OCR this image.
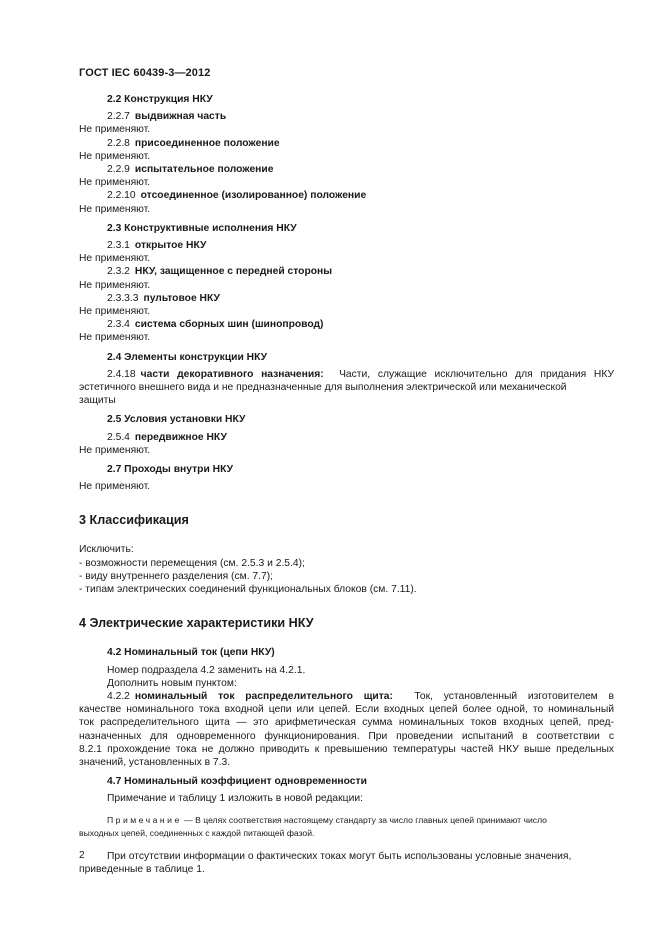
ГОСТ IEC 60439-3—2012
2.2 Конструкция НКУ
2.2.7 выдвижная часть
Не применяют.
2.2.8 присоединенное положение
Не применяют.
2.2.9 испытательное положение
Не применяют.
2.2.10 отсоединенное (изолированное) положение
Не применяют.
2.3 Конструктивные исполнения НКУ
2.3.1 открытое НКУ
Не применяют.
2.3.2 НКУ, защищенное с передней стороны
Не применяют.
2.3.3.3 пультовое НКУ
Не применяют.
2.3.4 система сборных шин (шинопровод)
Не применяют.
2.4 Элементы конструкции НКУ
2.4.18 части декоративного назначения: Части, служащие исключительно для придания НКУ
эстетичного внешнего вида и не предназначенные для выполнения электрической или механической
защиты
2.5 Условия установки НКУ
2.5.4 передвижное НКУ
Не применяют.
2.7 Проходы внутри НКУ
Не применяют.
3 Классификация
Исключить:
- возможности перемещения (см. 2.5.3 и 2.5.4);
- виду внутреннего разделения (см. 7.7);
- типам электрических соединений функциональных блоков (см. 7.11).
4 Электрические характеристики НКУ
4.2 Номинальный ток (цепи НКУ)
Номер подраздела 4.2 заменить на 4.2.1.
Дополнить новым пунктом:
4.2.2 номинальный ток распределительного щита: Ток, установленный изготовителем в
качестве номинального тока входной цепи или цепей. Если входных цепей более одной, то номинальный
ток распределительного щита — это арифметическая сумма номинальных токов входных цепей, пред-
назначенных для одновременного функционирования. При проведении испытаний в соответствии с
8.2.1 прохождение тока не должно приводить к превышению температуры частей НКУ выше предельных
значений, установленных в 7.3.
4.7 Номинальный коэффициент одновременности
Примечание и таблицу 1 изложить в новой редакции:
Примечание — В целях соответствия настоящему стандарту за число главных цепей принимают число
выходных цепей, соединенных с каждой питающей фазой.
При отсутствии информации о фактических токах могут быть использованы условные значения,
приведенные в таблице 1.
2
